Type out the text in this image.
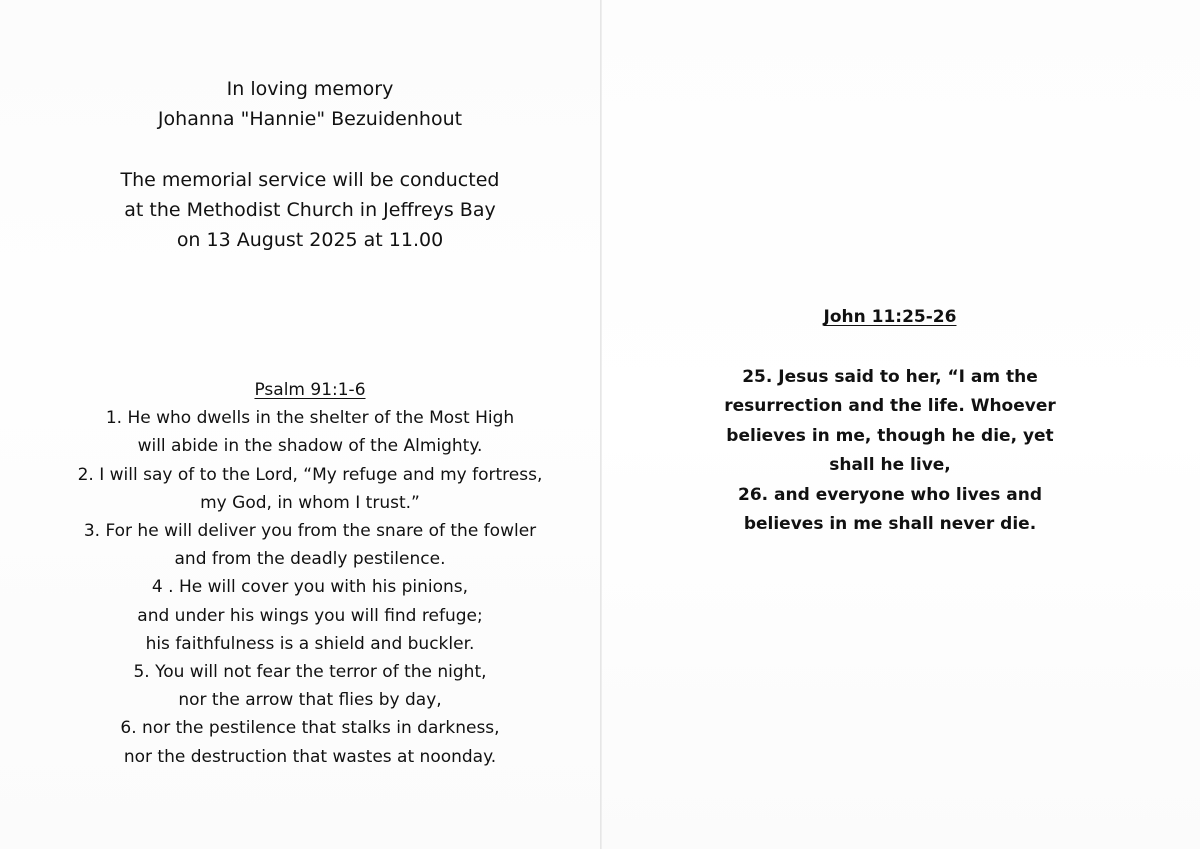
In loving memory
Johanna "Hannie" Bezuidenhout
The memorial service will be conducted
at the Methodist Church in Jeffreys Bay
on 13 August 2025 at 11.00
Psalm 91:1-6
1. He who dwells in the shelter of the Most High
will abide in the shadow of the Almighty.
2. I will say of to the Lord, “My refuge and my fortress,
my God, in whom I trust.”
3. For he will deliver you from the snare of the fowler
and from the deadly pestilence.
4 . He will cover you with his pinions,
and under his wings you will find refuge;
his faithfulness is a shield and buckler.
5. You will not fear the terror of the night,
nor the arrow that flies by day,
6. nor the pestilence that stalks in darkness,
nor the destruction that wastes at noonday.
John 11:25-26
25. Jesus said to her, “I am the
resurrection and the life. Whoever
believes in me, though he die, yet
shall he live,
26. and everyone who lives and
believes in me shall never die.
